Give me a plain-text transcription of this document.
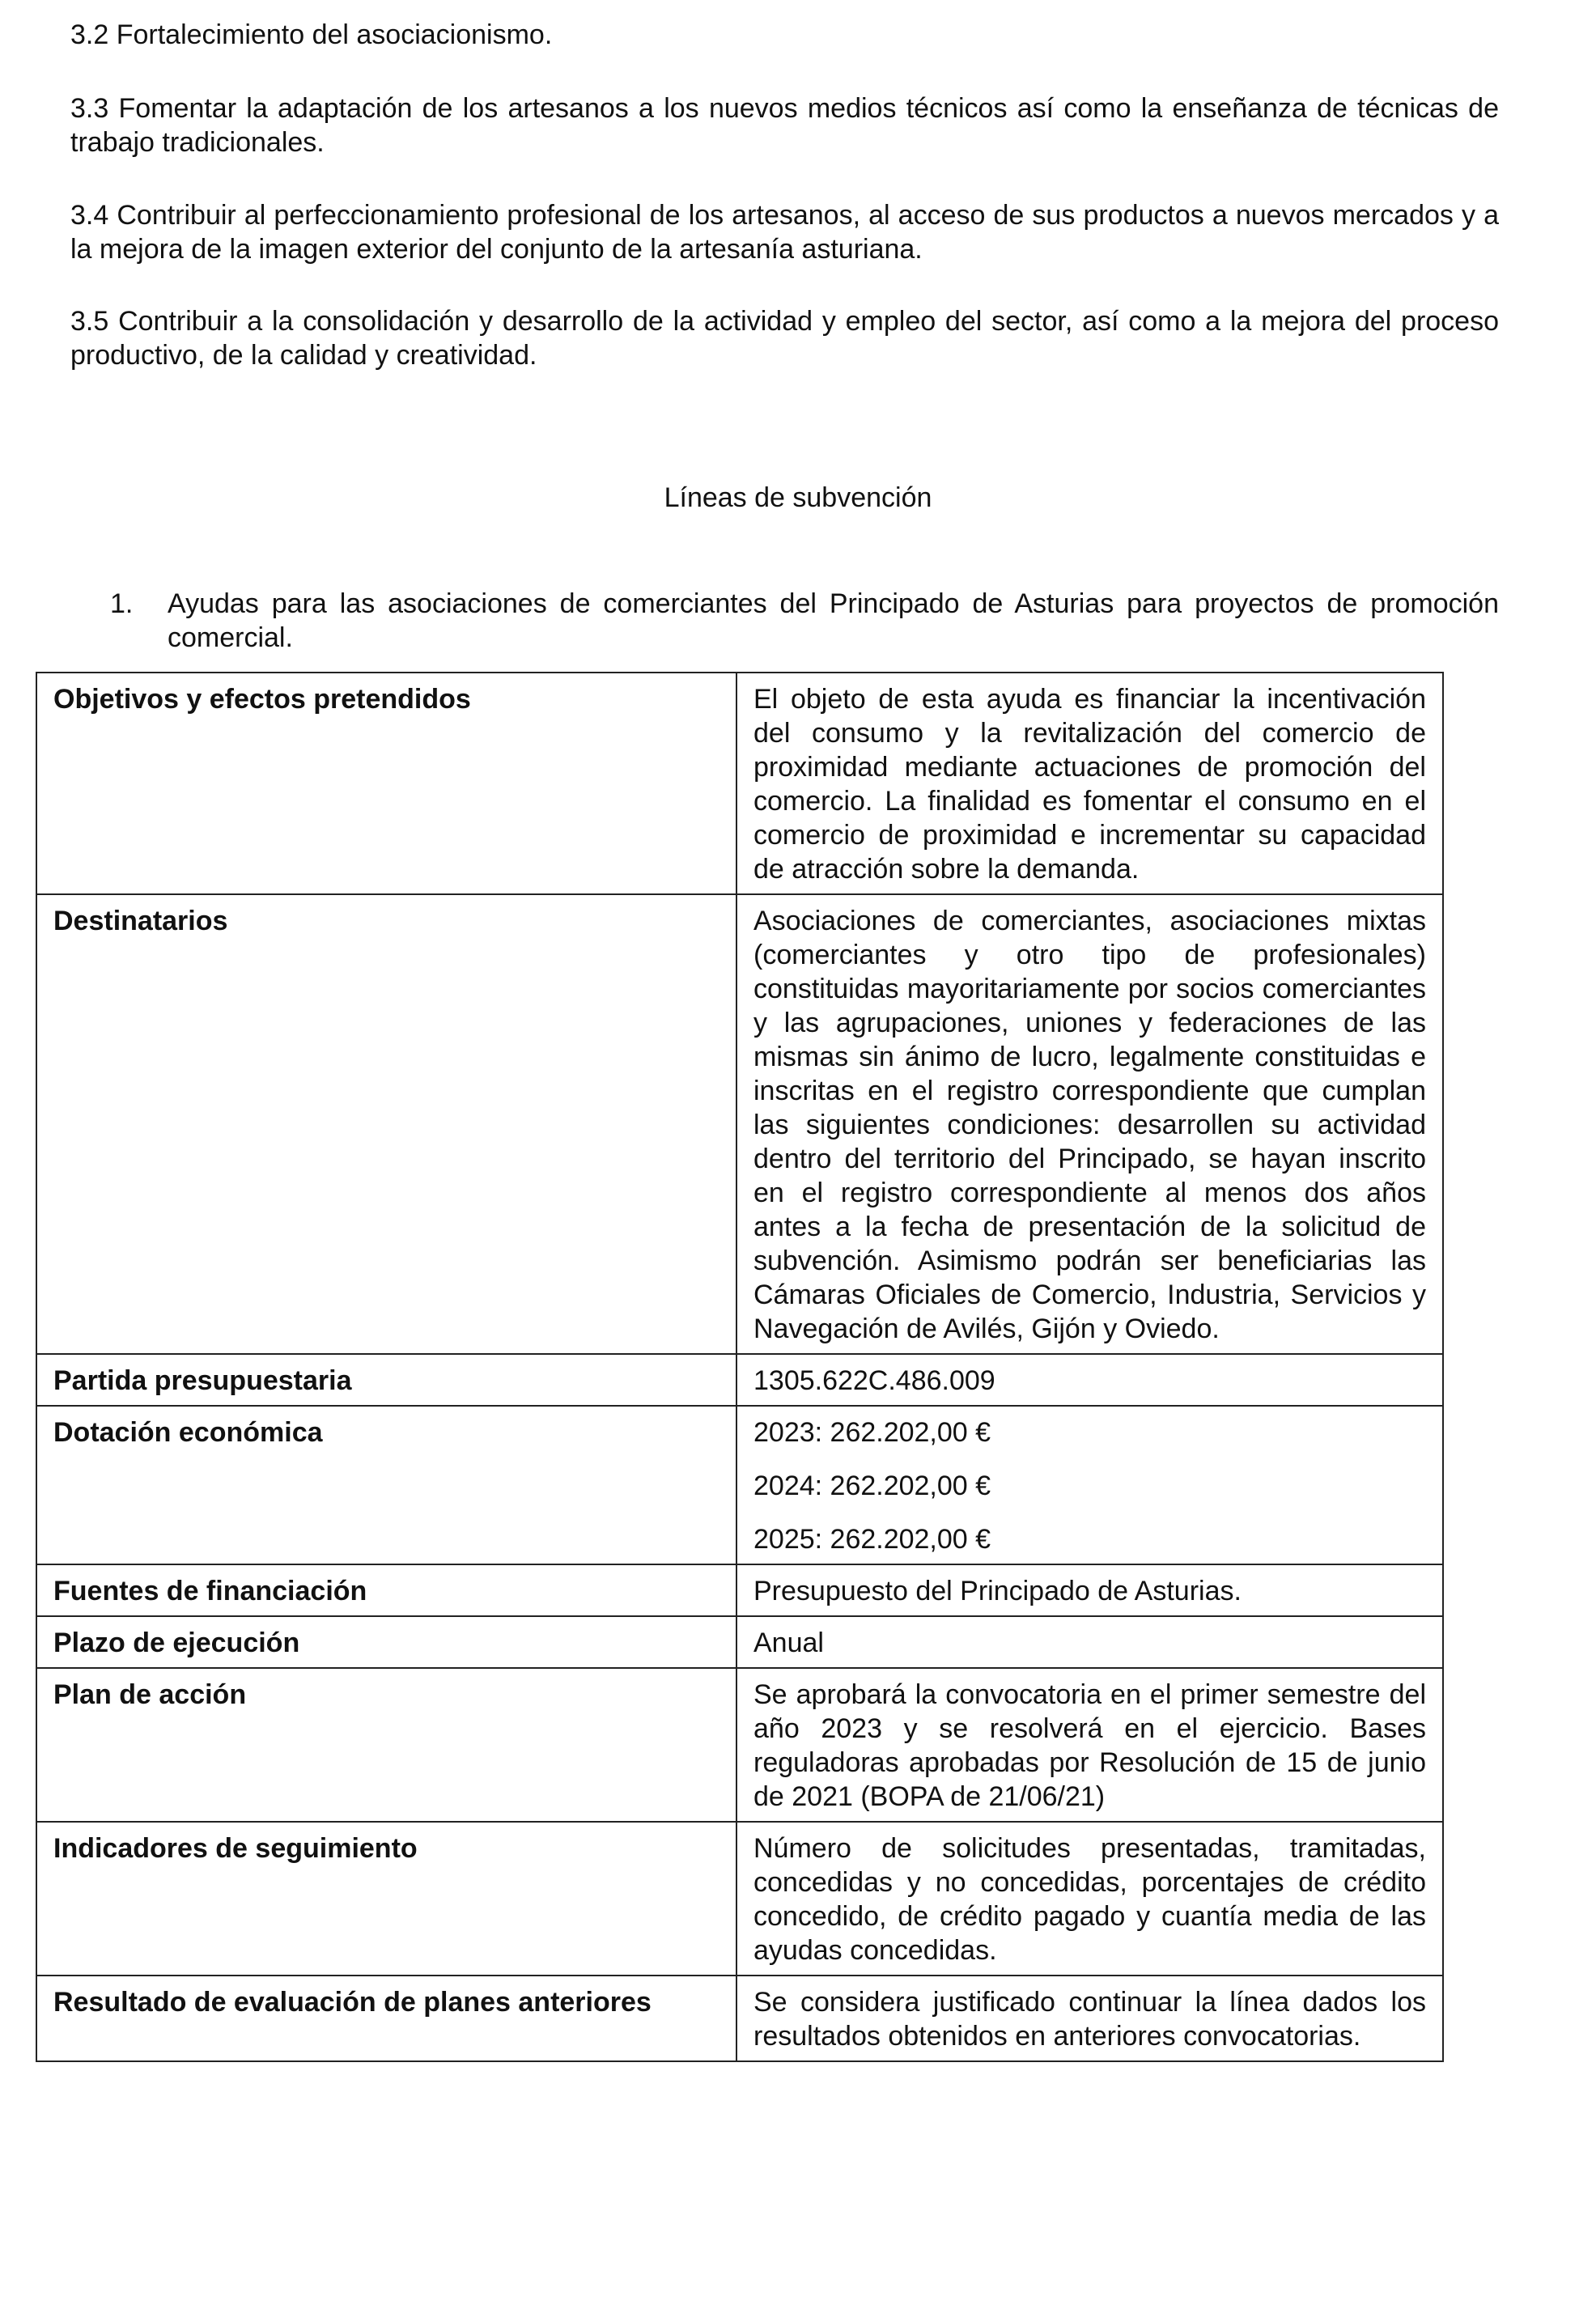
3.2 Fortalecimiento del asociacionismo.

3.3 Fomentar la adaptación de los artesanos a los nuevos medios técnicos así como la enseñanza de técnicas de trabajo tradicionales.

3.4 Contribuir al perfeccionamiento profesional de los artesanos, al acceso de sus productos a nuevos mercados y a la mejora de la imagen exterior del conjunto de la artesanía asturiana.

3.5 Contribuir a la consolidación y desarrollo de la actividad y empleo del sector, así como a la mejora del proceso productivo, de la calidad y creatividad.

Líneas de subvención

1. Ayudas para las asociaciones de comerciantes del Principado de Asturias para proyectos de promoción comercial.
Objetivos y efectos pretendidos	El objeto de esta ayuda es financiar la incentivación del consumo y la revitalización del comercio de proximidad mediante actuaciones de promoción del comercio. La finalidad es fomentar el consumo en el comercio de proximidad e incrementar su capacidad de atracción sobre la demanda.
Destinatarios	Asociaciones de comerciantes, asociaciones mixtas (comerciantes y otro tipo de profesionales) constituidas mayoritariamente por socios comerciantes y las agrupaciones, uniones y federaciones de las mismas sin ánimo de lucro, legalmente constituidas e inscritas en el registro correspondiente que cumplan las siguientes condiciones: desarrollen su actividad dentro del territorio del Principado, se hayan inscrito en el registro correspondiente al menos dos años antes a la fecha de presentación de la solicitud de subvención. Asimismo podrán ser beneficiarias las Cámaras Oficiales de Comercio, Industria, Servicios y Navegación de Avilés, Gijón y Oviedo.
Partida presupuestaria	1305.622C.486.009
Dotación económica	2023: 262.202,00 €

2024: 262.202,00 €

2025: 262.202,00 €

Fuentes de financiación	Presupuesto del Principado de Asturias.
Plazo de ejecución	Anual
Plan de acción	Se aprobará la convocatoria en el primer semestre del año 2023 y se resolverá en el ejercicio. Bases reguladoras aprobadas por Resolución de 15 de junio de 2021 (BOPA de 21/06/21)
Indicadores de seguimiento	Número de solicitudes presentadas, tramitadas, concedidas y no concedidas, porcentajes de crédito concedido, de crédito pagado y cuantía media de las ayudas concedidas.
Resultado de evaluación de planes anteriores	Se considera justificado continuar la línea dados los resultados obtenidos en anteriores convocatorias.
